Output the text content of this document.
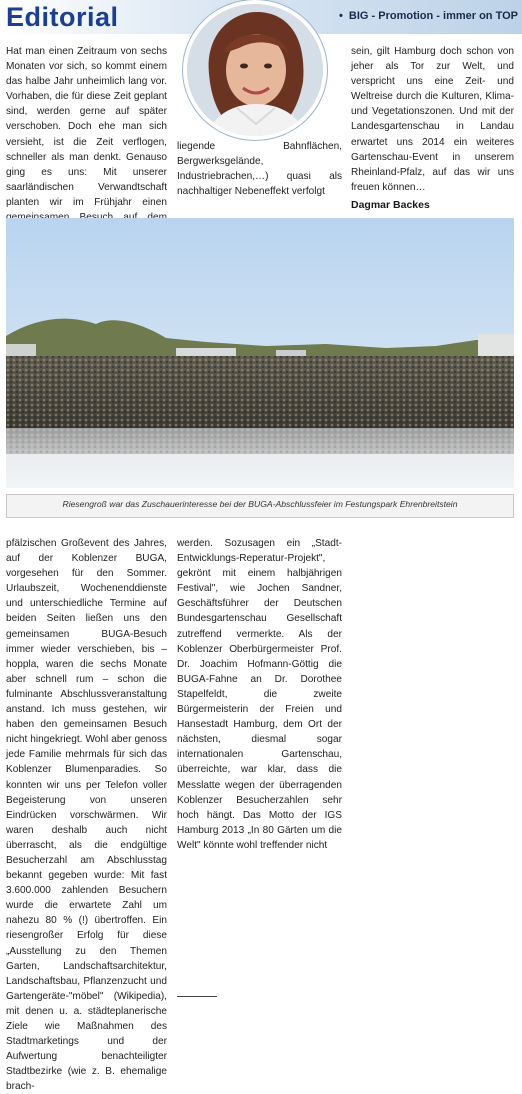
Editorial	• BIG - Promotion - immer on TOP

Hat man einen Zeitraum von sechs Monaten vor sich, so kommt einem das halbe Jahr unheimlich lang vor. Vorhaben, die für diese Zeit geplant sind, werden gerne auf später verschoben. Doch ehe man sich versieht, ist die Zeit verflogen, schneller als man denkt. Genauso ging es uns: Mit unserer saarländischen Verwandtschaft planten wir im Frühjahr einen

liegende Bahnflächen, Bergwerksgelände, Industriebrachen,…) quasi als nachhaltiger Nebeneffekt verfolgt

sein, gilt Hamburg doch schon von jeher als Tor zur Welt, und verspricht uns eine Zeit- und Weltreise durch die Kulturen, Klima- und Vegetationszonen. Und mit der Landesgartenschau in Landau erwartet uns 2014 ein weiteres Gartenschau-Event in unserem Rheinland-Pfalz, auf das wir uns freuen können…

Dagmar Backes
Riesengroß war das Zuschauerinteresse bei der BUGA-Abschlussfeier im Festungspark Ehrenbreitstein

pfälzischen Großevent des Jahres, auf der Koblenzer BUGA, vorgesehen für den Sommer. Urlaubszeit, Wochenenddienste und unterschiedliche Termine auf beiden Seiten ließen uns den gemeinsamen BUGA-Besuch immer wieder verschieben, bis – hoppla, waren die sechs Monate aber schnell rum – schon die fulminante Abschlussveranstaltung anstand. Ich muss gestehen, wir haben den gemeinsamen Besuch nicht hingekriegt. Wohl aber genoss jede Familie mehrmals für sich das Koblenzer Blumenparadies. So konnten wir uns per Telefon voller Begeisterung von unseren Eindrücken vorschwärmen. Wir waren deshalb auch nicht überrascht, als die endgültige Besucherzahl am Abschlusstag bekannt gegeben wurde: Mit fast 3.600.000 zahlenden Besuchern wurde die erwartete Zahl um nahezu 80 % (!) übertroffen. Ein riesengroßer Erfolg für diese „Ausstellung zu den Themen Garten, Landschaftsarchitektur, Landschaftsbau, Pflanzenzucht und Gartengeräte-"möbel" (Wikipedia), mit denen u. a. städteplanerische Ziele wie Maßnahmen des Stadtmarketings und der Aufwertung benachteiligter Stadtbezirke (wie z. B. ehemalige brach-

werden. Sozusagen ein „Stadt-Entwicklungs-Reperatur-Projekt", gekrönt mit einem halbjährigen Festival", wie Jochen Sandner, Geschäftsführer der Deutschen Bundesgartenschau Gesellschaft zutreffend vermerkte. Als der Koblenzer Oberbürgermeister Prof. Dr. Joachim Hofmann-Göttig die BUGA-Fahne an Dr. Dorothee Stapelfeldt, die zweite Bürgermeisterin der Freien und Hansestadt Hamburg, dem Ort der nächsten, diesmal sogar internationalen Gartenschau, überreichte, war klar, dass die Messlatte wegen der überragenden Koblenzer Besucherzahlen sehr hoch hängt. Das Motto der IGS Hamburg 2013 „In 80 Gärten um die Welt" könnte wohl treffender nicht
